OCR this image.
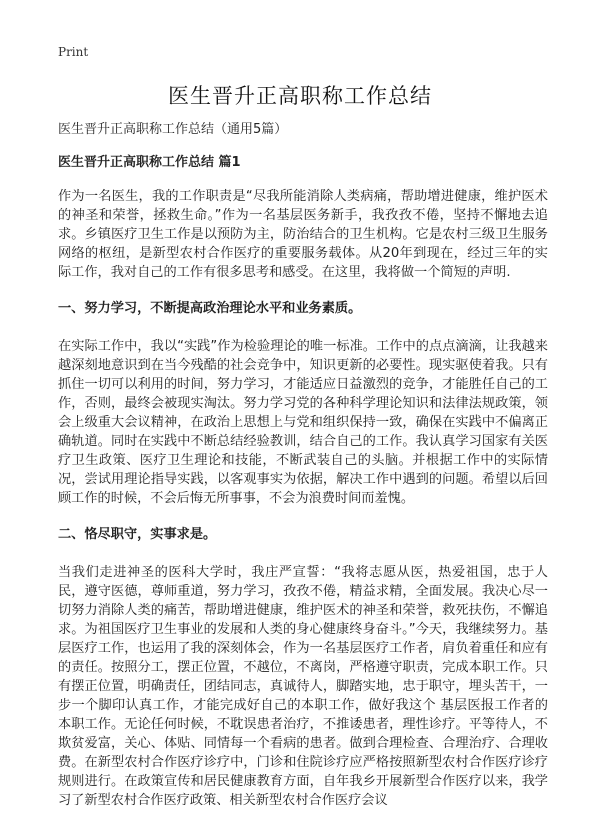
Print
医生晋升正高职称工作总结

医生晋升正高职称工作总结（通用5篇）

医生晋升正高职称工作总结 篇1

作为一名医生，我的工作职责是“尽我所能消除人类病痛，帮助增进健康，维护医术的神圣和荣誉，拯救生命。”作为一名基层医务新手，我孜孜不倦，坚持不懈地去追求。乡镇医疗卫生工作是以预防为主，防治结合的卫生机构。它是农村三级卫生服务网络的枢纽，是新型农村合作医疗的重要服务载体。从20年到现在，经过三年的实际工作，我对自己的工作有很多思考和感受。在这里，我将做一个简短的声明.

一、努力学习，不断提高政治理论水平和业务素质。

在实际工作中，我以“实践”作为检验理论的唯一标准。工作中的点点滴滴，让我越来越深刻地意识到在当今残酷的社会竞争中，知识更新的必要性。现实驱使着我。只有抓住一切可以利用的时间，努力学习，才能适应日益激烈的竞争，才能胜任自己的工作，否则，最终会被现实淘汰。努力学习党的各种科学理论知识和法律法规政策，领会上级重大会议精神，在政治上思想上与党和组织保持一致，确保在实践中不偏离正确轨道。同时在实践中不断总结经验教训，结合自己的工作。我认真学习国家有关医疗卫生政策、医疗卫生理论和技能，不断武装自己的头脑。并根据工作中的实际情况，尝试用理论指导实践，以客观事实为依据，解决工作中遇到的问题。希望以后回顾工作的时候，不会后悔无所事事，不会为浪费时间而羞愧。

二、恪尽职守，实事求是。

当我们走进神圣的医科大学时，我庄严宣誓：“我将志愿从医，热爱祖国，忠于人民，遵守医德，尊师重道，努力学习，孜孜不倦，精益求精，全面发展。我决心尽一切努力消除人类的痛苦，帮助增进健康，维护医术的神圣和荣誉，救死扶伤，不懈追求。为祖国医疗卫生事业的发展和人类的身心健康终身奋斗。”今天，我继续努力。基层医疗工作，也运用了我的深刻体会，作为一名基层医疗工作者，肩负着重任和应有的责任。按照分工，摆正位置，不越位，不离岗，严格遵守职责，完成本职工作。只有摆正位置，明确责任，团结同志，真诚待人，脚踏实地，忠于职守，埋头苦干，一步一个脚印认真工作，才能完成好自己的本职工作，做好我这个 基层医报工作者的本职工作。无论任何时候，不耽误患者治疗，不推诿患者，理性诊疗。平等待人，不欺贫爱富，关心、体贴、同情每一个看病的患者。做到合理检查、合理治疗、合理收费。在新型农村合作医疗诊疗中，门诊和住院诊疗应严格按照新型农村合作医疗诊疗规则进行。在政策宣传和居民健康教育方面，自年我乡开展新型合作医疗以来，我学习了新型农村合作医疗政策、相关新型农村合作医疗会议
